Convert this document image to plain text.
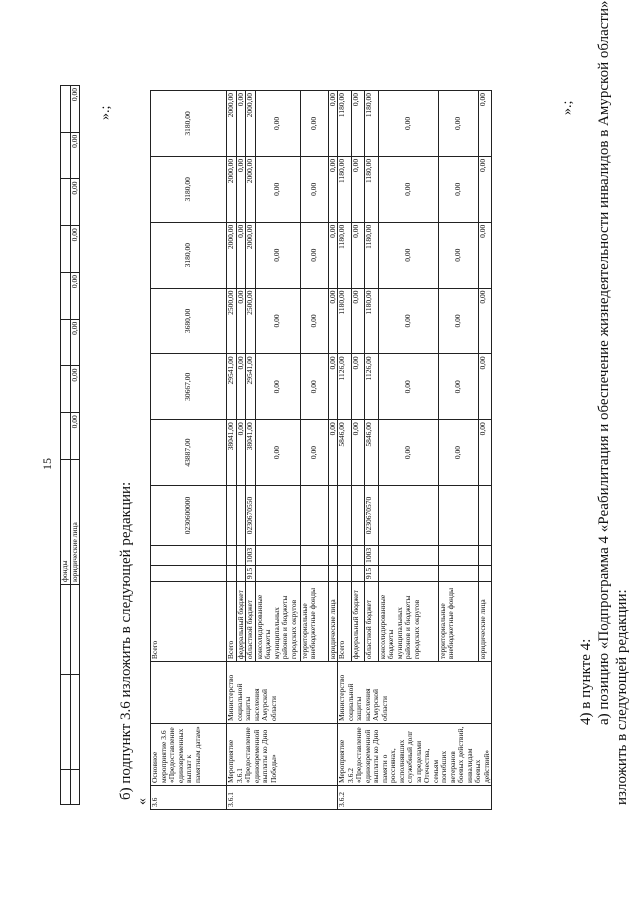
15
			фонды								
			юридические лица	0,00	0,00	0,00	0,00	0,00	0,00	0,00	0,00
».;
б) подпункт 3.6 изложить в следующей редакции:
« 3.6	Основное мероприятие 3.6 «Предоставление единовременных выплат к памятным датам»		Всего			0230600000	43887,00	30667,00	3680,00	3180,00	3180,00	3180,00
3.6.1	Мероприятие 3.6.1 «Предоставление единовременной выплаты ко Дню Победы»	Министерство социальной защиты населения Амурской области	Всего				38041,00	29541,00	2500,00	2000,00	2000,00	2000,00
			федеральный бюджет				0,00	0,00	0,00	0,00	0,00	0,00
			областной бюджет	915	1003	0230670550	38041,00	29541,00	2500,00	2000,00	2000,00	2000,00
			консолидированные бюджеты муниципальных районов и бюджеты городских округов				0,00	0,00	0,00	0,00	0,00	0,00
			территориальные внебюджетные фонды				0,00	0,00	0,00	0,00	0,00	0,00
			юридические лица				0,00	0,00	0,00	0,00	0,00	0,00
3.6.2	Мероприятие 3.6.2 «Предоставление единовременной выплаты ко Дню памяти о россиянах, исполнявших служебный долг за пределами Отечества, семьям погибших ветеранов боевых действий, инвалидам боевых действий»	Министерство социальной защиты населения Амурской области	Всего				5846,00	1126,00	1180,00	1180,00	1180,00	1180,00
			федеральный бюджет				0,00	0,00	0,00	0,00	0,00	0,00
			областной бюджет	915	1003	0230670570	5846,00	1126,00	1180,00	1180,00	1180,00	1180,00
			консолидированные бюджеты муниципальных районов и бюджеты городских округов				0,00	0,00	0,00	0,00	0,00	0,00
			территориальные внебюджетные фонды				0,00	0,00	0,00	0,00	0,00	0,00
			юридические лица				0,00	0,00	0,00	0,00	0,00	0,00
».;
4) в пункте 4: а) позицию «Подпрограмма 4 «Реабилитация и обеспечение жизнедеятельности инвалидов в Амурской области» изложить в следующей редакции:
